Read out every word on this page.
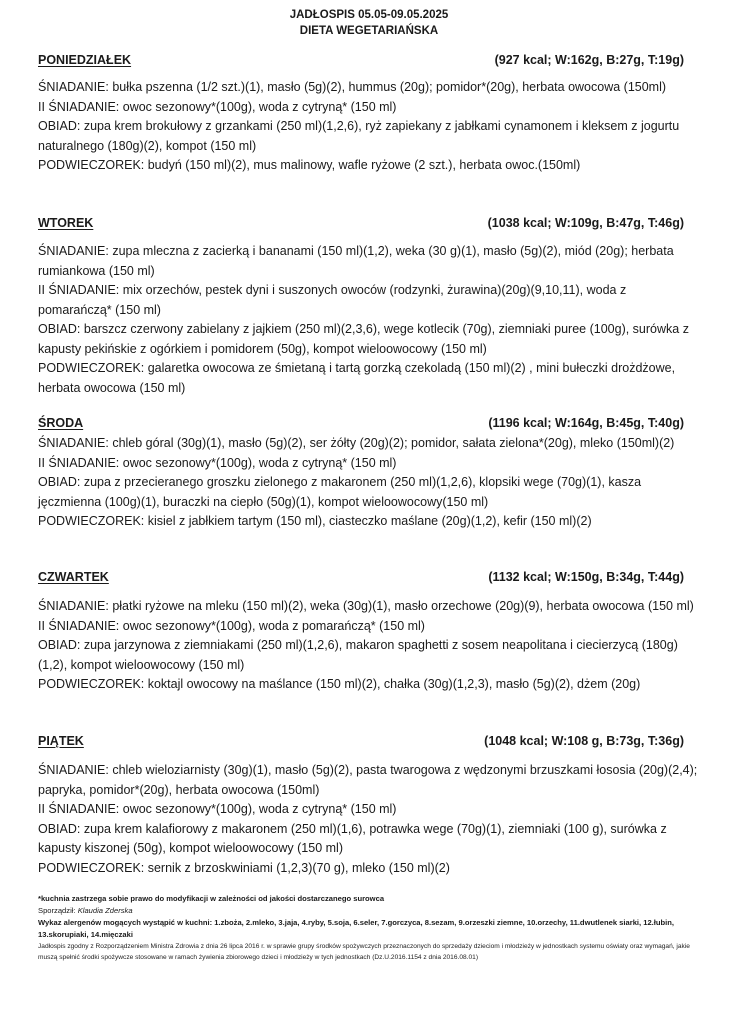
JADŁOSPIS 05.05-09.05.2025
DIETA WEGETARIAŃSKA
PONIEDZIAŁEK	(927 kcal; W:162g, B:27g, T:19g)

ŚNIADANIE: bułka pszenna (1/2 szt.)(1), masło (5g)(2), hummus (20g); pomidor*(20g), herbata owocowa (150ml)

II ŚNIADANIE: owoc sezonowy*(100g), woda z cytryną* (150 ml)

OBIAD: zupa krem brokułowy z grzankami (250 ml)(1,2,6), ryż zapiekany z jabłkami cynamonem i kleksem z jogurtu naturalnego (180g)(2), kompot (150 ml)

PODWIECZOREK: budyń (150 ml)(2), mus malinowy, wafle ryżowe (2 szt.), herbata owoc.(150ml)

WTOREK	(1038 kcal; W:109g, B:47g, T:46g)

ŚNIADANIE: zupa mleczna z zacierką i bananami (150 ml)(1,2), weka (30 g)(1), masło (5g)(2), miód (20g); herbata rumiankowa (150 ml)

II ŚNIADANIE: mix orzechów, pestek dyni i suszonych owoców (rodzynki, żurawina)(20g)(9,10,11), woda z pomarańczą* (150 ml)

OBIAD: barszcz czerwony zabielany z jajkiem (250 ml)(2,3,6), wege kotlecik (70g), ziemniaki puree (100g), surówka z kapusty pekińskie z ogórkiem i pomidorem (50g), kompot wieloowocowy (150 ml)

PODWIECZOREK: galaretka owocowa ze śmietaną i tartą gorzką czekoladą (150 ml)(2) , mini bułeczki drożdżowe, herbata owocowa (150 ml)

ŚRODA	(1196 kcal; W:164g, B:45g, T:40g)

ŚNIADANIE: chleb góral (30g)(1), masło (5g)(2), ser żółty (20g)(2); pomidor, sałata zielona*(20g), mleko (150ml)(2)

II ŚNIADANIE: owoc sezonowy*(100g), woda z cytryną* (150 ml)

OBIAD: zupa z przecieranego groszku zielonego z makaronem (250 ml)(1,2,6), klopsiki wege (70g)(1), kasza jęczmienna (100g)(1), buraczki na ciepło (50g)(1), kompot wieloowocowy(150 ml)

PODWIECZOREK: kisiel z jabłkiem tartym (150 ml), ciasteczko maślane (20g)(1,2), kefir (150 ml)(2)

CZWARTEK	(1132 kcal; W:150g, B:34g, T:44g)

ŚNIADANIE: płatki ryżowe na mleku (150 ml)(2), weka (30g)(1), masło orzechowe (20g)(9), herbata owocowa (150 ml)

II ŚNIADANIE: owoc sezonowy*(100g), woda z pomarańczą* (150 ml)

OBIAD: zupa jarzynowa z ziemniakami (250 ml)(1,2,6), makaron spaghetti z sosem neapolitana i ciecierzycą (180g)(1,2), kompot wieloowocowy (150 ml)

PODWIECZOREK: koktajl owocowy na maślance (150 ml)(2), chałka (30g)(1,2,3), masło (5g)(2), dżem (20g)

PIĄTEK	(1048 kcal; W:108 g, B:73g, T:36g)

ŚNIADANIE: chleb wieloziarnisty (30g)(1), masło (5g)(2), pasta twarogowa z wędzonymi brzuszkami łososia (20g)(2,4); papryka, pomidor*(20g), herbata owocowa (150ml)

II ŚNIADANIE: owoc sezonowy*(100g), woda z cytryną* (150 ml)

OBIAD: zupa krem kalafiorowy z makaronem (250 ml)(1,6), potrawka wege (70g)(1), ziemniaki (100 g), surówka z kapusty kiszonej (50g), kompot wieloowocowy (150 ml)

PODWIECZOREK: sernik z brzoskwiniami (1,2,3)(70 g), mleko (150 ml)(2)

*kuchnia zastrzega sobie prawo do modyfikacji w zależności od jakości dostarczanego surowca

Sporządził: Klaudia Zderska

Wykaz alergenów mogących wystąpić w kuchni: 1.zboża, 2.mleko, 3.jaja, 4.ryby, 5.soja, 6.seler, 7.gorczyca, 8.sezam, 9.orzeszki ziemne, 10.orzechy, 11.dwutlenek siarki, 12.łubin, 13.skorupiaki, 14.mięczaki

Jadłospis zgodny z Rozporządzeniem Ministra Zdrowia z dnia 26 lipca 2016 r. w sprawie grupy środków spożywczych przeznaczonych do sprzedaży dzieciom i młodzieży w jednostkach systemu oświaty oraz wymagań, jakie muszą spełnić środki spożywcze stosowane w ramach żywienia zbiorowego dzieci i młodzieży w tych jednostkach (Dz.U.2016.1154 z dnia 2016.08.01)
